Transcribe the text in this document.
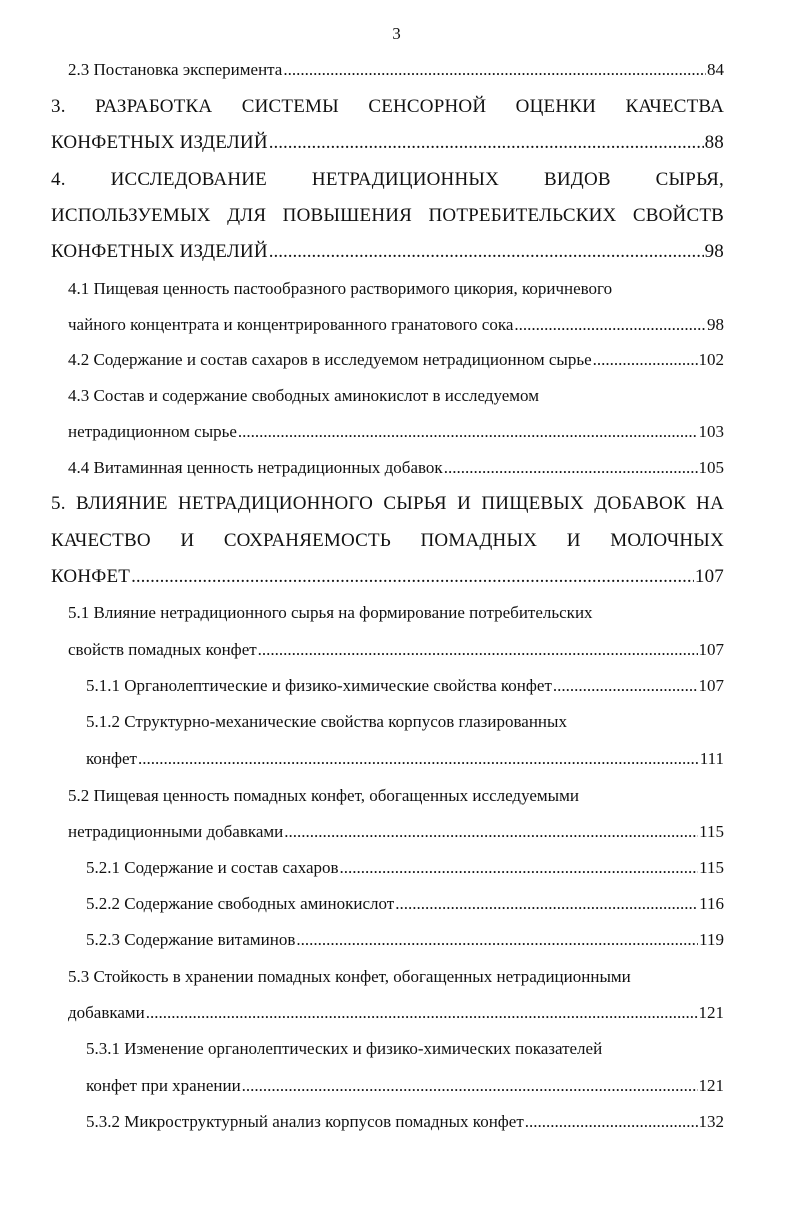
3
2.3 Постановка эксперимента .....	84
3. РАЗРАБОТКА СИСТЕМЫ СЕНСОРНОЙ ОЦЕНКИ КАЧЕСТВА
КОНФЕТНЫХ ИЗДЕЛИЙ .....	88
4. ИССЛЕДОВАНИЕ НЕТРАДИЦИОННЫХ ВИДОВ СЫРЬЯ,
ИСПОЛЬЗУЕМЫХ ДЛЯ ПОВЫШЕНИЯ ПОТРЕБИТЕЛЬСКИХ СВОЙСТВ
КОНФЕТНЫХ ИЗДЕЛИЙ .....	98
4.1 Пищевая ценность пастообразного растворимого цикория, коричневого
чайного концентрата и концентрированного гранатового сока .....	98
4.2 Содержание и состав сахаров в исследуемом нетрадиционном сырье .....	102
4.3 Состав и содержание свободных аминокислот в исследуемом
нетрадиционном сырье .....	103
4.4 Витаминная ценность нетрадиционных добавок .....	105
5. ВЛИЯНИЕ НЕТРАДИЦИОННОГО СЫРЬЯ И ПИЩЕВЫХ ДОБАВОК НА
КАЧЕСТВО И СОХРАНЯЕМОСТЬ ПОМАДНЫХ И МОЛОЧНЫХ
КОНФЕТ .....	107
5.1 Влияние нетрадиционного сырья на формирование потребительских
свойств помадных конфет .....	107
5.1.1 Органолептические и физико-химические свойства конфет .....	107
5.1.2 Структурно-механические свойства корпусов глазированных
конфет .....	111
5.2 Пищевая ценность помадных конфет, обогащенных исследуемыми
нетрадиционными добавками .....	115
5.2.1 Содержание и состав сахаров .....	115
5.2.2 Содержание свободных аминокислот .....	116
5.2.3 Содержание витаминов .....	119
5.3 Стойкость в хранении помадных конфет, обогащенных нетрадиционными
добавками .....	121
5.3.1 Изменение органолептических и физико-химических показателей
конфет при хранении .....	121
5.3.2 Микроструктурный анализ корпусов помадных конфет .....	132
